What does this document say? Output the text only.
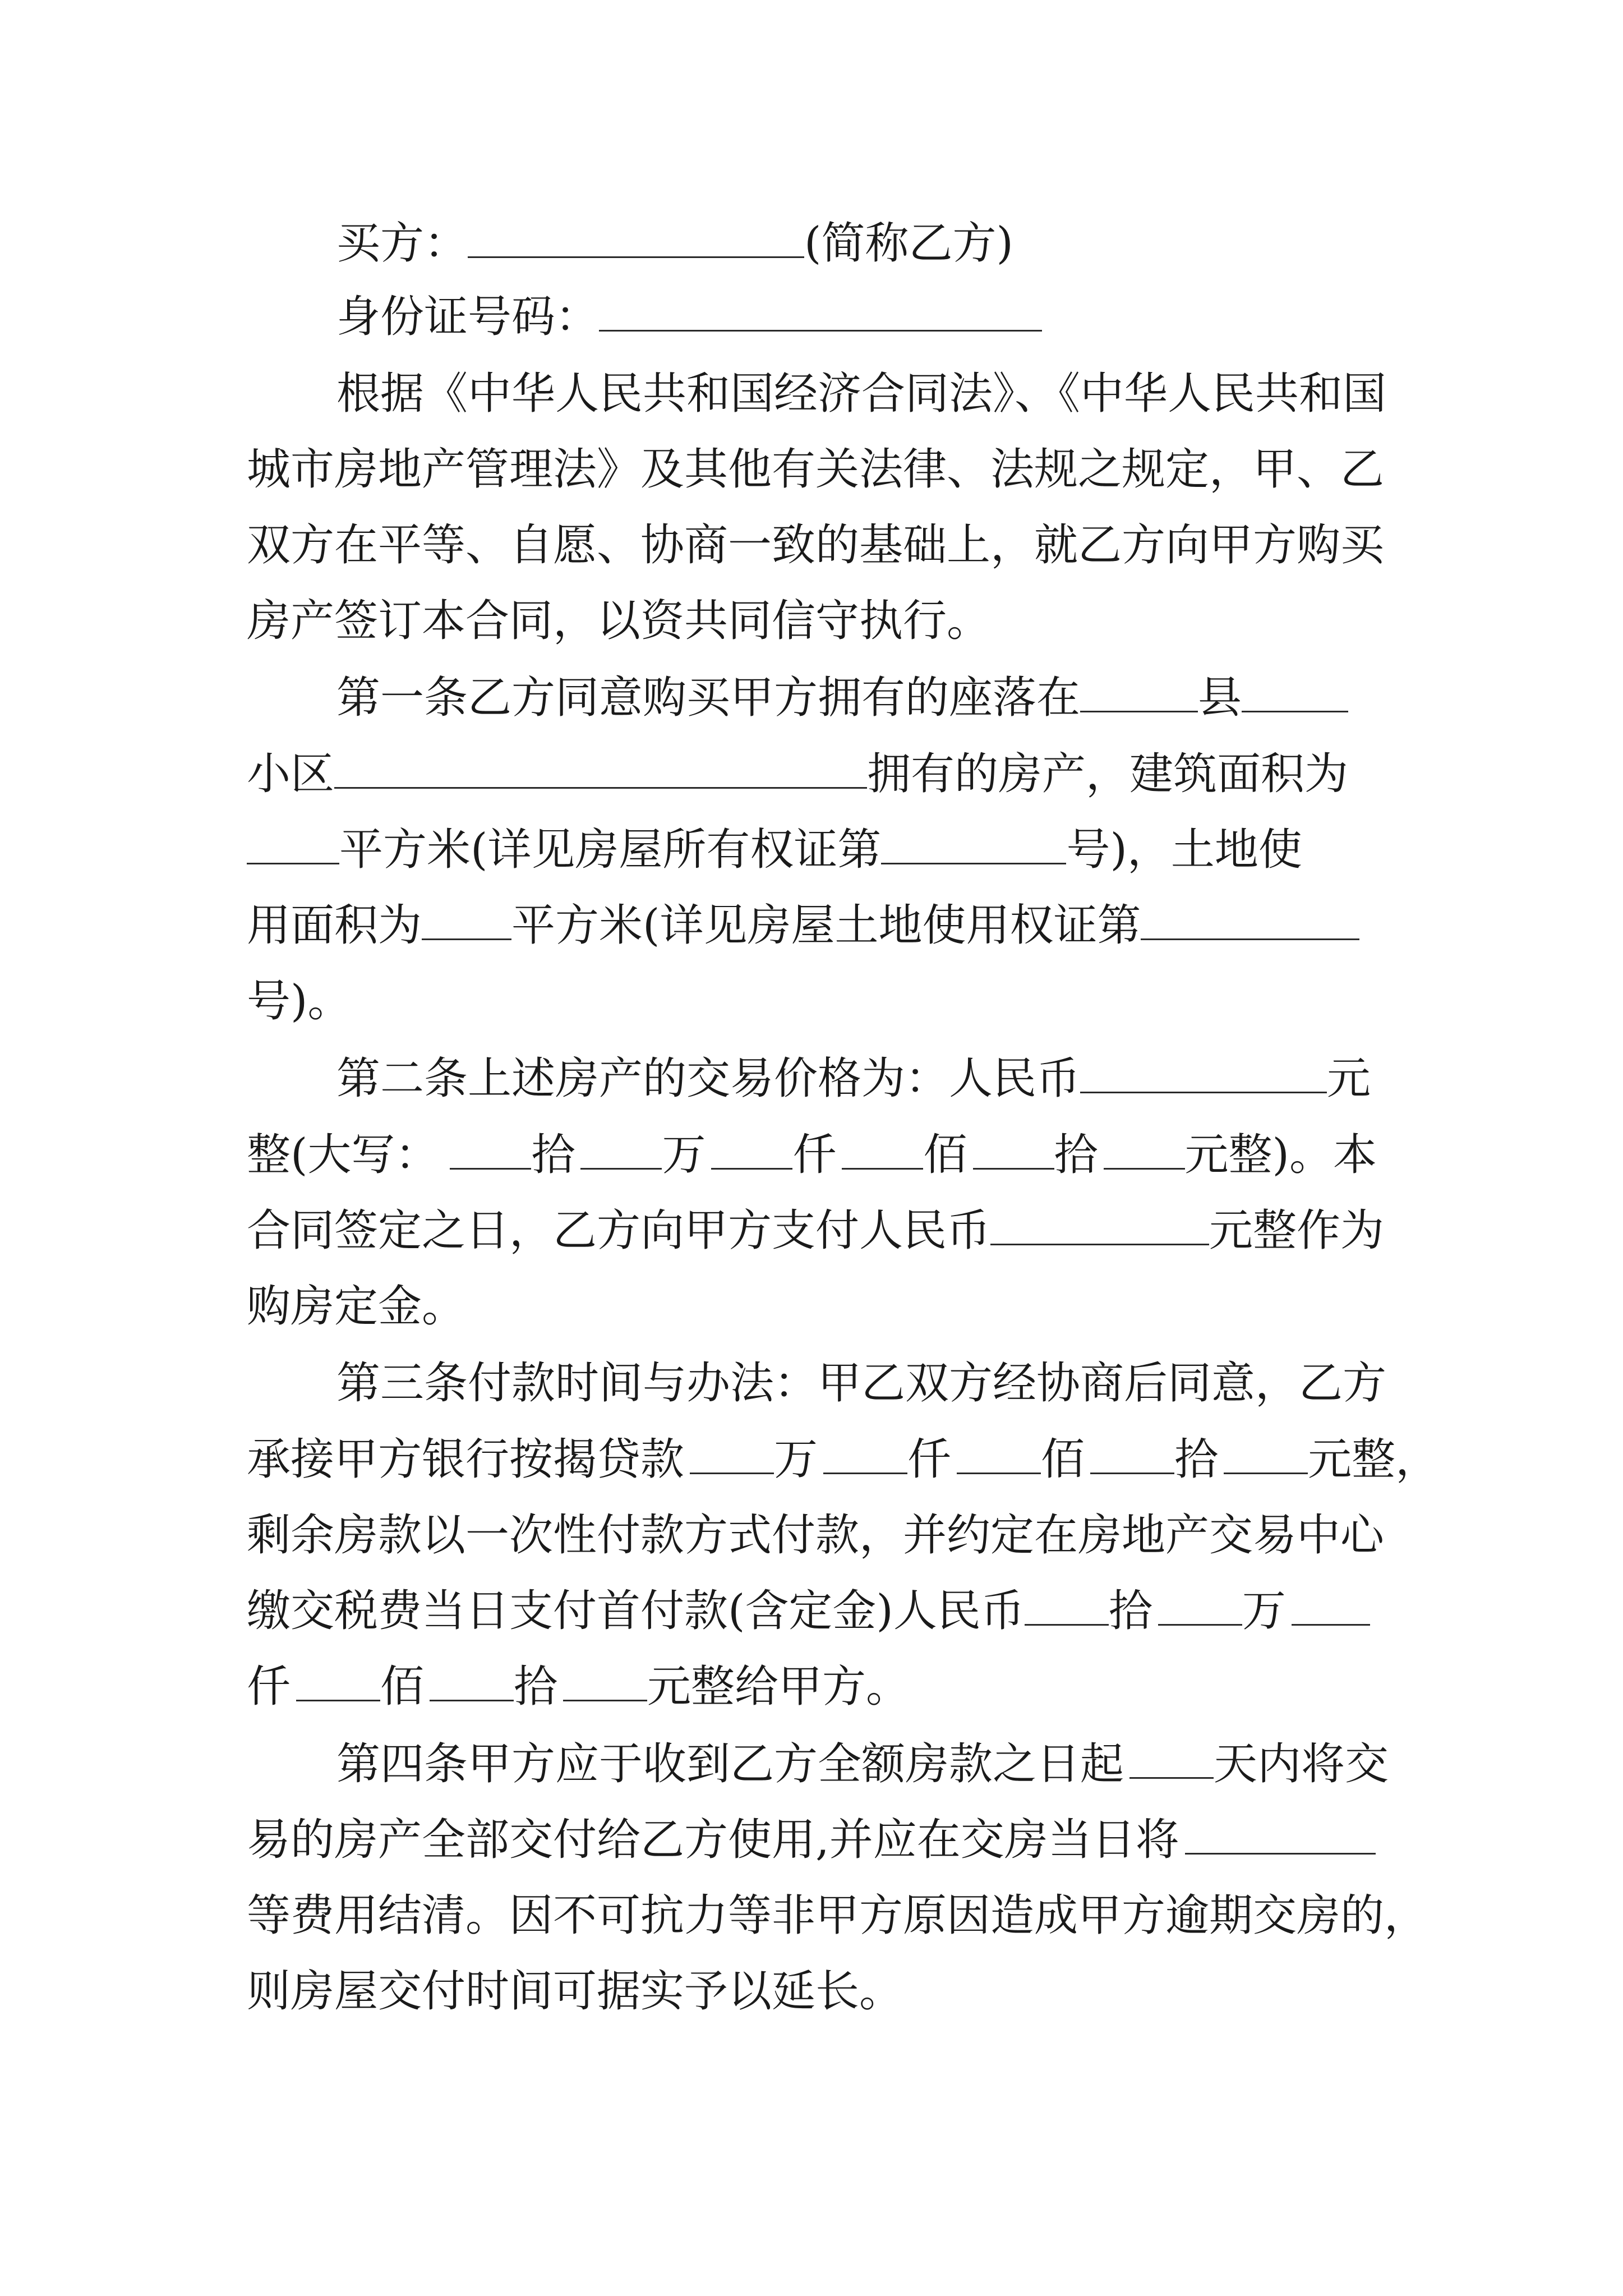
买方：	(简称乙方)
身份证号码：
根据《中华人民共和国经济合同法》、《中华人民共和国
城市房地产管理法》及其他有关法律、法规之规定，甲、乙
双方在平等、自愿、协商一致的基础上，就乙方向甲方购买
房产签订本合同，以资共同信守执行。
第一条乙方同意购买甲方拥有的座落在	县
小区	拥有的房产，建筑面积为
平方米(详见房屋所有权证第	号)，土地使
用面积为 平方米(详见房屋土地使用权证第
号)。
第二条上述房产的交易价格为：人民币	元
整(大写： 拾 万 仟 佰 拾 元整)。本
合同签定之日，乙方向甲方支付人民币	元整作为
购房定金。
第三条付款时间与办法：甲乙双方经协商后同意，乙方
承接甲方银行按揭贷款 万 仟 佰 拾 元整，
剩余房款以一次性付款方式付款，并约定在房地产交易中心
缴交税费当日支付首付款(含定金)人民币 拾 万
仟 佰 拾 元整给甲方。
第四条甲方应于收到乙方全额房款之日起 天内将交
易的房产全部交付给乙方使用,并应在交房当日将
等费用结清。因不可抗力等非甲方原因造成甲方逾期交房的，
则房屋交付时间可据实予以延长。
